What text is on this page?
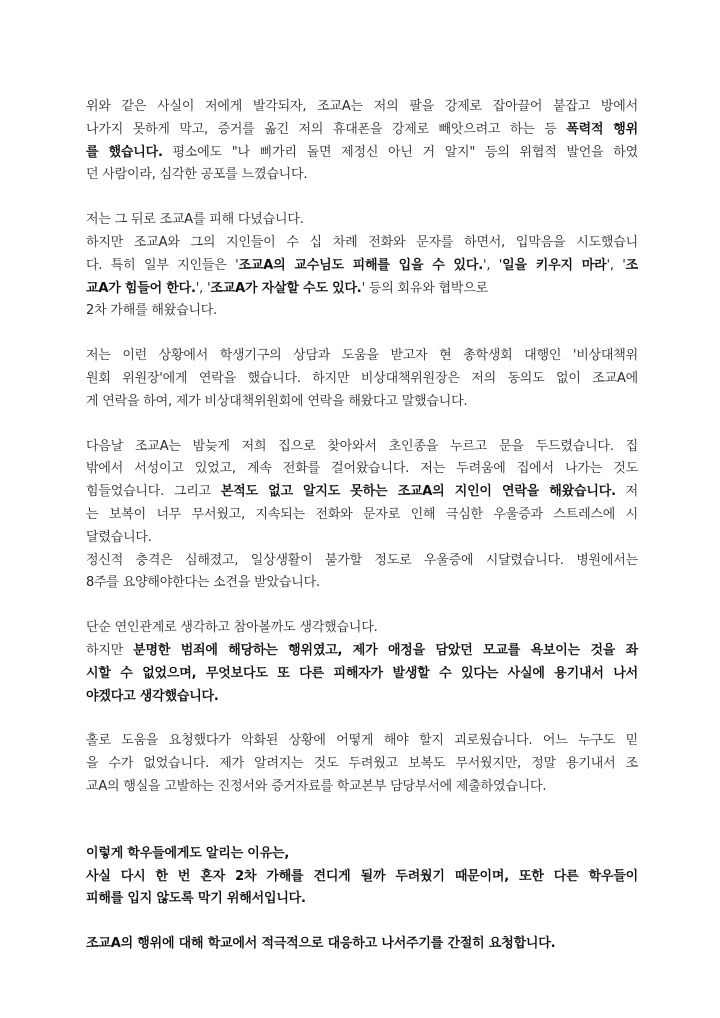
위와 같은 사실이 저에게 발각되자, 조교A는 저의 팔을 강제로 잡아끌어 붙잡고 방에서
나가지 못하게 막고, 증거를 옮긴 저의 휴대폰을 강제로 빼앗으려고 하는 등 폭력적 행위
를 했습니다. 평소에도 "나 삐가리 돌면 제정신 아닌 거 알지" 등의 위협적 발언을 하였
던 사람이라, 심각한 공포를 느꼈습니다.
저는 그 뒤로 조교A를 피해 다녔습니다.
하지만 조교A와 그의 지인들이 수 십 차례 전화와 문자를 하면서, 입막음을 시도했습니
다. 특히 일부 지인들은 '조교A의 교수님도 피해를 입을 수 있다.', '일을 키우지 마라', '조
교A가 힘들어 한다.', '조교A가 자살할 수도 있다.' 등의 회유와 협박으로
2차 가해를 해왔습니다.
저는 이런 상황에서 학생기구의 상담과 도움을 받고자 현 총학생회 대행인 '비상대책위
원회 위원장'에게 연락을 했습니다. 하지만 비상대책위원장은 저의 동의도 없이 조교A에
게 연락을 하여, 제가 비상대책위원회에 연락을 해왔다고 말했습니다.
다음날 조교A는 밤늦게 저희 집으로 찾아와서 초인종을 누르고 문을 두드렸습니다. 집
밖에서 서성이고 있었고, 계속 전화를 걸어왔습니다. 저는 두려움에 집에서 나가는 것도
힘들었습니다. 그리고 본적도 없고 알지도 못하는 조교A의 지인이 연락을 해왔습니다. 저
는 보복이 너무 무서웠고, 지속되는 전화와 문자로 인해 극심한 우울증과 스트레스에 시
달렸습니다.
정신적 충격은 심해졌고, 일상생활이 불가할 정도로 우울증에 시달렸습니다. 병원에서는
8주를 요양해야한다는 소견을 받았습니다.
단순 연인관계로 생각하고 참아볼까도 생각했습니다.
하지만 분명한 범죄에 해당하는 행위였고, 제가 애정을 담았던 모교를 욕보이는 것을 좌
시할 수 없었으며, 무엇보다도 또 다른 피해자가 발생할 수 있다는 사실에 용기내서 나서
야겠다고 생각했습니다.
홀로 도움을 요청했다가 악화된 상황에 어떻게 해야 할지 괴로웠습니다. 어느 누구도 믿
을 수가 없었습니다. 제가 알려지는 것도 두려웠고 보복도 무서웠지만, 정말 용기내서 조
교A의 행실을 고발하는 진정서와 증거자료를 학교본부 담당부서에 제출하였습니다.
이렇게 학우들에게도 알리는 이유는,
사실 다시 한 번 혼자 2차 가해를 견디게 될까 두려웠기 때문이며, 또한 다른 학우들이
피해를 입지 않도록 막기 위해서입니다.
조교A의 행위에 대해 학교에서 적극적으로 대응하고 나서주기를 간절히 요청합니다.
